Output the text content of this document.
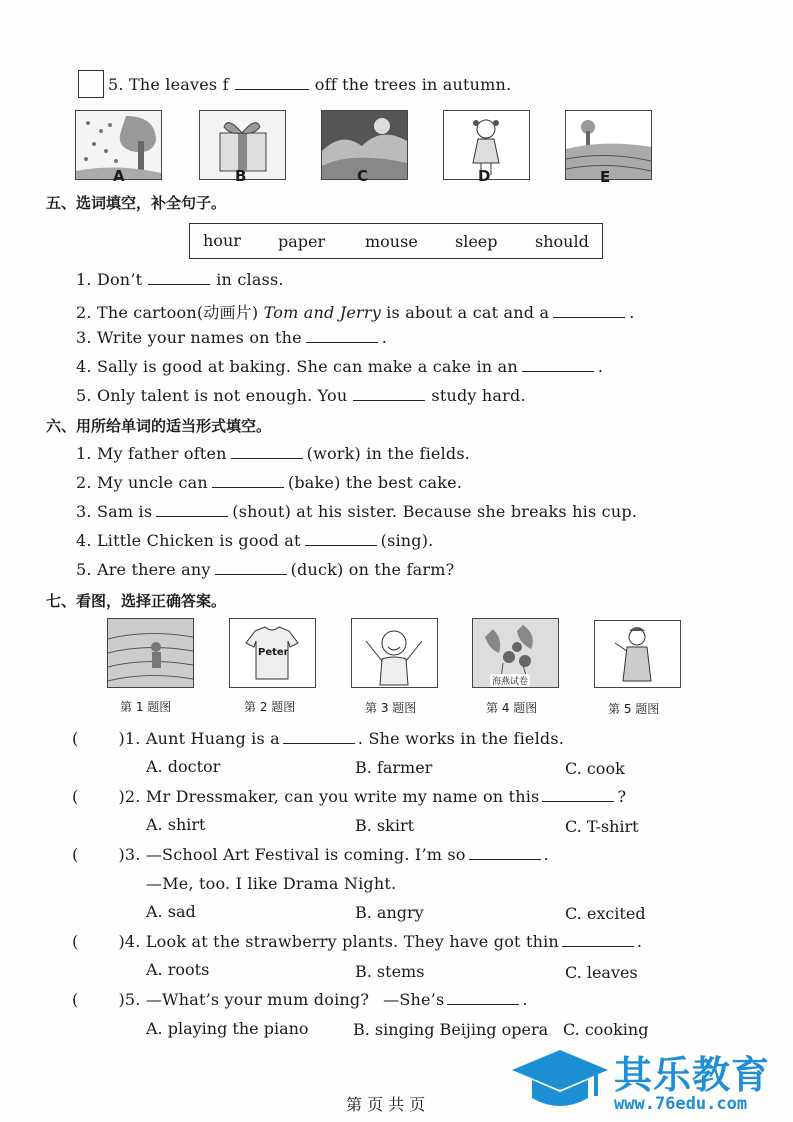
5. The leaves f	off the trees in autumn.
A	B	C	D	E
五、选词填空，补全句子。
hour paper mouse sleep should
1. Don’t	in class.
2. The cartoon(动画片) Tom and Jerry is about a cat and a	.
3. Write your names on the	.
4. Sally is good at baking. She can make a cake in an	.
5. Only talent is not enough. You	study hard.
六、用所给单词的适当形式填空。
1. My father often	(work) in the fields.
2. My uncle can	(bake) the best cake.
3. Sam is	(shout) at his sister. Because she breaks his cup.
4. Little Chicken is good at	(sing).
5. Are there any	(duck) on the farm?
七、看图，选择正确答案。
Peter
海燕试卷
第 1 题图	第 2 题图	第 3 题图	第 4 题图	第 5 题图
(	)1. Aunt Huang is a	. She works in the fields.
A. doctor	B. farmer	C. cook
(	)2. Mr Dressmaker, can you write my name on this	?
A. shirt	B. skirt	C. T-shirt
(	)3. —School Art Festival is coming. I’m so	.
—Me, too. I like Drama Night.
A. sad	B. angry	C. excited
(	)4. Look at the strawberry plants. They have got thin	.
A. roots	B. stems	C. leaves
(	)5. —What’s your mum doing? —She’s	.
A. playing the piano	B. singing Beijing opera C. cooking
第 页 共 页
其乐教育
www.76edu.com
